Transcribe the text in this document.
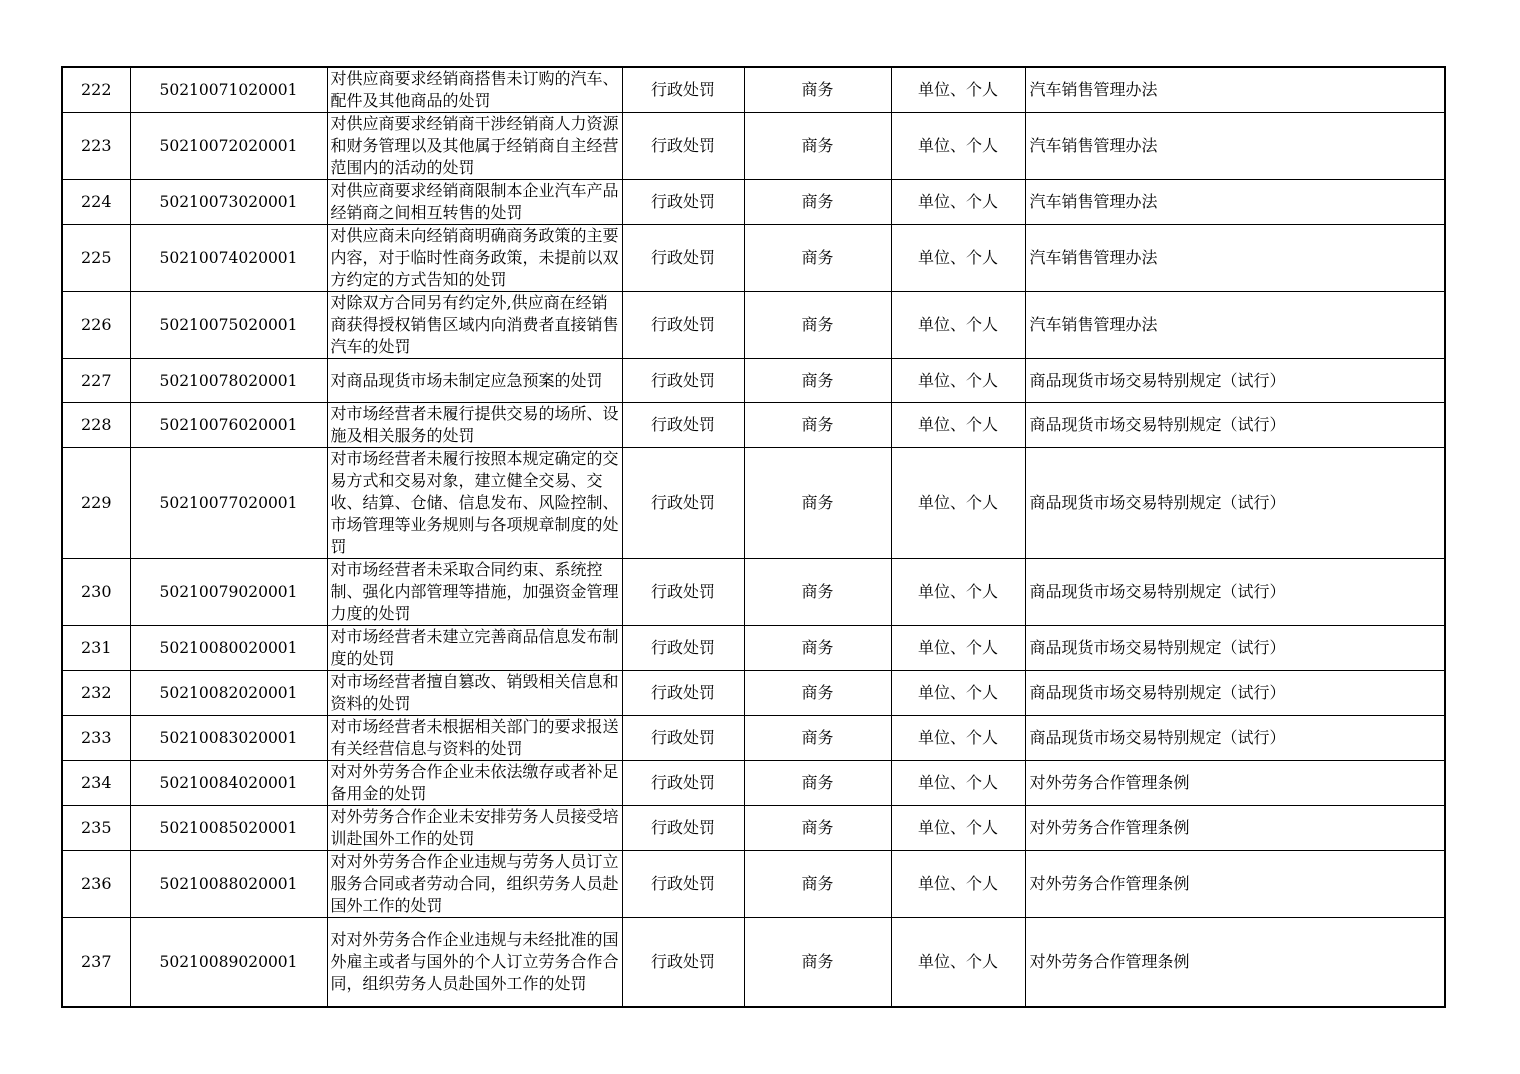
222	50210071020001	对供应商要求经销商搭售未订购的汽车、配件及其他商品的处罚	行政处罚	商务	单位、个人	汽车销售管理办法
223	50210072020001	对供应商要求经销商干涉经销商人力资源和财务管理以及其他属于经销商自主经营范围内的活动的处罚	行政处罚	商务	单位、个人	汽车销售管理办法
224	50210073020001	对供应商要求经销商限制本企业汽车产品经销商之间相互转售的处罚	行政处罚	商务	单位、个人	汽车销售管理办法
225	50210074020001	对供应商未向经销商明确商务政策的主要内容，对于临时性商务政策，未提前以双方约定的方式告知的处罚	行政处罚	商务	单位、个人	汽车销售管理办法
226	50210075020001	对除双方合同另有约定外,供应商在经销商获得授权销售区域内向消费者直接销售汽车的处罚	行政处罚	商务	单位、个人	汽车销售管理办法
227	50210078020001	对商品现货市场未制定应急预案的处罚	行政处罚	商务	单位、个人	商品现货市场交易特别规定（试行）
228	50210076020001	对市场经营者未履行提供交易的场所、设施及相关服务的处罚	行政处罚	商务	单位、个人	商品现货市场交易特别规定（试行）
229	50210077020001	对市场经营者未履行按照本规定确定的交易方式和交易对象，建立健全交易、交收、结算、仓储、信息发布、风险控制、市场管理等业务规则与各项规章制度的处罚	行政处罚	商务	单位、个人	商品现货市场交易特别规定（试行）
230	50210079020001	对市场经营者未采取合同约束、系统控制、强化内部管理等措施，加强资金管理力度的处罚	行政处罚	商务	单位、个人	商品现货市场交易特别规定（试行）
231	50210080020001	对市场经营者未建立完善商品信息发布制度的处罚	行政处罚	商务	单位、个人	商品现货市场交易特别规定（试行）
232	50210082020001	对市场经营者擅自篡改、销毁相关信息和资料的处罚	行政处罚	商务	单位、个人	商品现货市场交易特别规定（试行）
233	50210083020001	对市场经营者未根据相关部门的要求报送有关经营信息与资料的处罚	行政处罚	商务	单位、个人	商品现货市场交易特别规定（试行）
234	50210084020001	对对外劳务合作企业未依法缴存或者补足备用金的处罚	行政处罚	商务	单位、个人	对外劳务合作管理条例
235	50210085020001	对外劳务合作企业未安排劳务人员接受培训赴国外工作的处罚	行政处罚	商务	单位、个人	对外劳务合作管理条例
236	50210088020001	对对外劳务合作企业违规与劳务人员订立服务合同或者劳动合同，组织劳务人员赴国外工作的处罚	行政处罚	商务	单位、个人	对外劳务合作管理条例
237	50210089020001	对对外劳务合作企业违规与未经批准的国外雇主或者与国外的个人订立劳务合作合同，组织劳务人员赴国外工作的处罚	行政处罚	商务	单位、个人	对外劳务合作管理条例
